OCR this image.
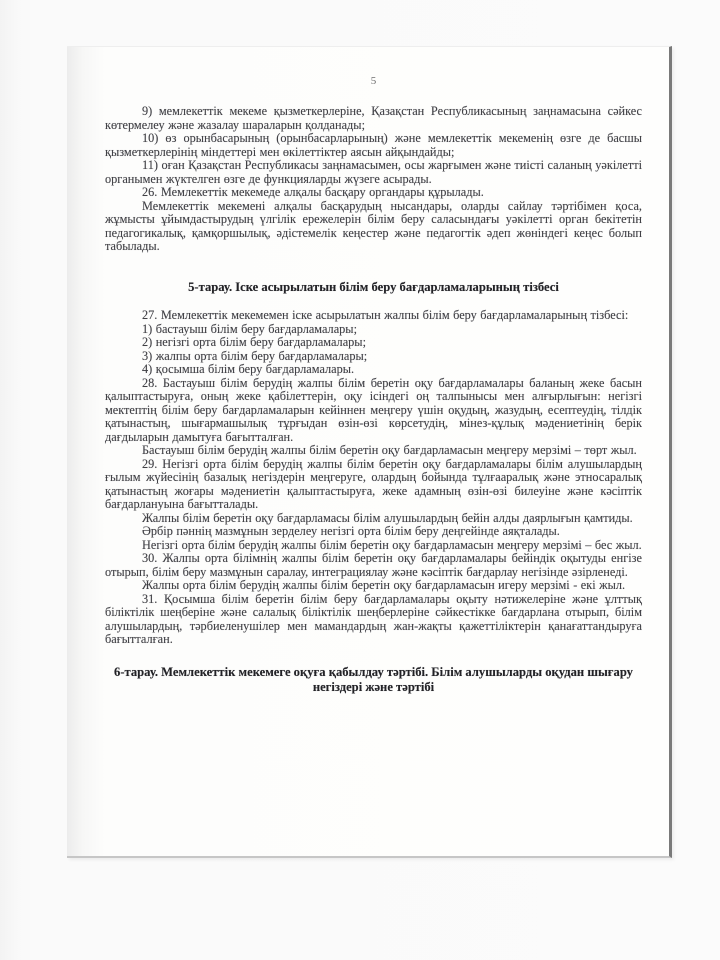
5

9) мемлекеттік мекеме қызметкерлеріне, Қазақстан Республикасының заңнамасына сәйкес көтермелеу және жазалау шараларын қолданады;

10) өз орынбасарының (орынбасарларының) және мемлекеттік мекеменің өзге де басшы қызметкерлерінің міндеттері мен өкілеттіктер аясын айқындайды;

11) оған Қазақстан Республикасы заңнамасымен, осы жарғымен және тиісті саланың уәкілетті органымен жүктелген өзге де функцияларды жүзеге асырады.

26. Мемлекеттік мекемеде алқалы басқару органдары құрылады.

Мемлекеттік мекемені алқалы басқарудың нысандары, оларды сайлау тәртібімен қоса, жұмысты ұйымдастырудың үлгілік ережелерін білім беру саласындағы уәкілетті орган бекітетін педагогикалық, қамқоршылық, әдістемелік кеңестер және педагогтік әдеп жөніндегі кеңес болып табылады.

5-тарау. Іске асырылатын білім беру бағдарламаларының тізбесі

27. Мемлекеттік мекемемен іске асырылатын жалпы білім беру бағдарламаларының тізбесі:

1) бастауыш білім беру бағдарламалары;

2) негізгі орта білім беру бағдарламалары;

3) жалпы орта білім беру бағдарламалары;

4) қосымша білім беру бағдарламалары.

28. Бастауыш білім берудің жалпы білім беретін оқу бағдарламалары баланың жеке басын қалыптастыруға, оның жеке қабілеттерін, оқу ісіндегі оң талпынысы мен алғырлығын: негізгі мектептің білім беру бағдарламаларын кейіннен меңгеру үшін оқудың, жазудың, есептеудің, тілдік қатынастың, шығармашылық тұрғыдан өзін-өзі көрсетудің, мінез-құлық мәдениетінің берік дағдыларын дамытуға бағытталған.

Бастауыш білім берудің жалпы білім беретін оқу бағдарламасын меңгеру мерзімі – төрт жыл.

29. Негізгі орта білім берудің жалпы білім беретін оқу бағдарламалары білім алушылардың ғылым жүйесінің базалық негіздерін меңгеруге, олардың бойында тұлғааралық және этносаралық қатынастың жоғары мәдениетін қалыптастыруға, жеке адамның өзін-өзі билеуіне және кәсіптік бағдарлануына бағытталады.

Жалпы білім беретін оқу бағдарламасы білім алушылардың бейін алды даярлығын қамтиды.

Әрбір пәннің мазмұнын зерделеу негізгі орта білім беру деңгейінде аяқталады.

Негізгі орта білім берудің жалпы білім беретін оқу бағдарламасын меңгеру мерзімі – бес жыл.

30. Жалпы орта білімнің жалпы білім беретін оқу бағдарламалары бейіндік оқытуды енгізе отырып, білім беру мазмұнын саралау, интеграциялау және кәсіптік бағдарлау негізінде әзірленеді.

Жалпы орта білім берудің жалпы білім беретін оқу бағдарламасын игеру мерзімі - екі жыл.

31. Қосымша білім беретін білім беру бағдарламалары оқыту нәтижелеріне және ұлттық біліктілік шеңберіне және салалық біліктілік шеңберлеріне сәйкестікке бағдарлана отырып, білім алушылардың, тәрбиеленушілер мен мамандардың жан-жақты қажеттіліктерін қанағаттандыруға бағытталған.

6-тарау. Мемлекеттік мекемеге оқуға қабылдау тәртібі. Білім алушыларды оқудан шығару негіздері және тәртібі
